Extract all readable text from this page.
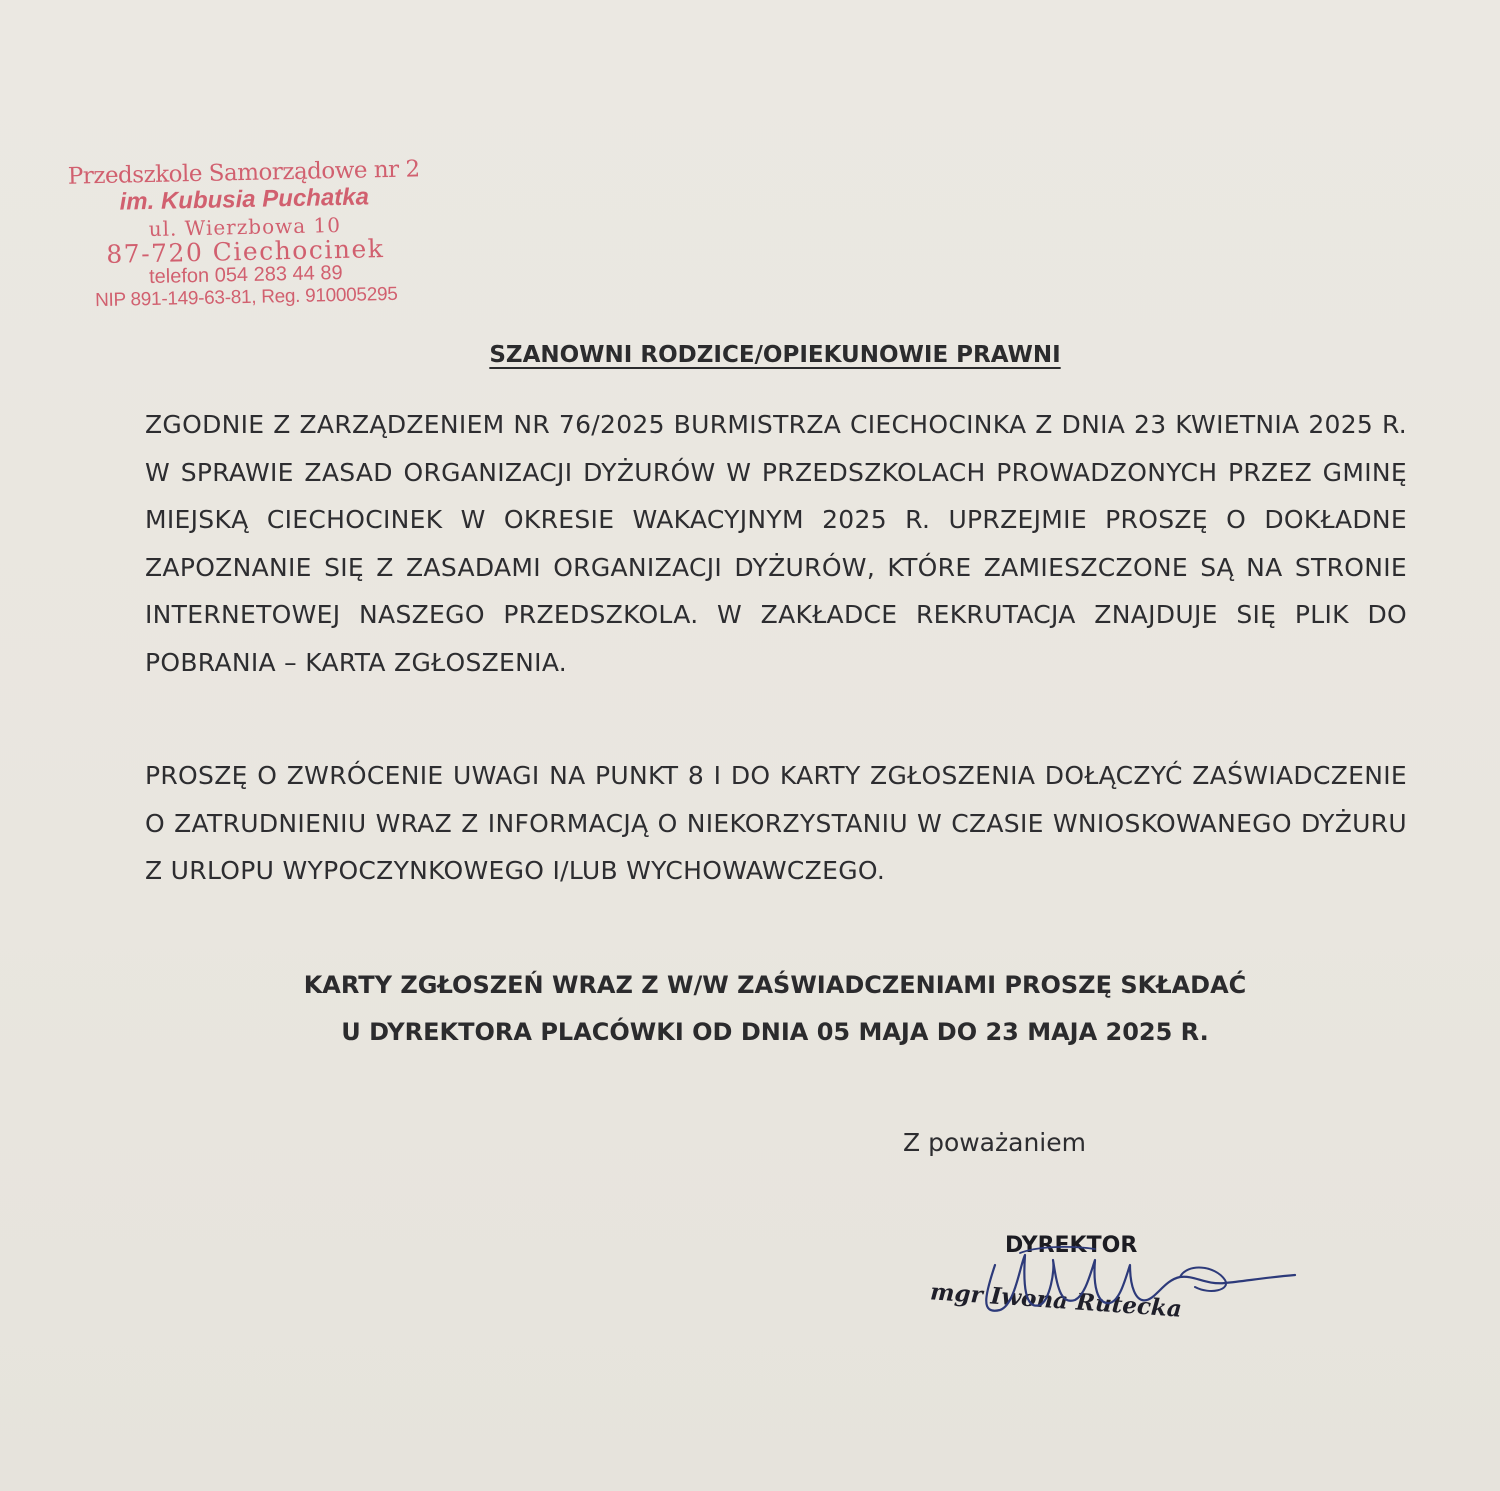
Przedszkole Samorządowe nr 2
im. Kubusia Puchatka
ul. Wierzbowa 10
87-720 Ciechocinek
telefon 054 283 44 89
NIP 891-149-63-81, Reg. 910005295
SZANOWNI RODZICE/OPIEKUNOWIE PRAWNI
ZGODNIE Z ZARZĄDZENIEM NR 76/2025 BURMISTRZA CIECHOCINKA Z DNIA 23 KWIETNIA 2025 R. W SPRAWIE ZASAD ORGANIZACJI DYŻURÓW W PRZEDSZKOLACH PROWADZONYCH PRZEZ GMINĘ MIEJSKĄ CIECHOCINEK W OKRESIE WAKACYJNYM 2025 R. UPRZEJMIE PROSZĘ O DOKŁADNE ZAPOZNANIE SIĘ Z ZASADAMI ORGANIZACJI DYŻURÓW, KTÓRE ZAMIESZCZONE SĄ NA STRONIE INTERNETOWEJ NASZEGO PRZEDSZKOLA. W ZAKŁADCE REKRUTACJA ZNAJDUJE SIĘ PLIK DO POBRANIA – KARTA ZGŁOSZENIA.
PROSZĘ O ZWRÓCENIE UWAGI NA PUNKT 8 I DO KARTY ZGŁOSZENIA DOŁĄCZYĆ ZAŚWIADCZENIE O ZATRUDNIENIU WRAZ Z INFORMACJĄ O NIEKORZYSTANIU W CZASIE WNIOSKOWANEGO DYŻURU Z URLOPU WYPOCZYNKOWEGO I/LUB WYCHOWAWCZEGO.
KARTY ZGŁOSZEŃ WRAZ Z W/W ZAŚWIADCZENIAMI PROSZĘ SKŁADAĆ
U DYREKTORA PLACÓWKI OD DNIA 05 MAJA DO 23 MAJA 2025 R.
Z poważaniem
DYREKTOR
mgr Iwona Rutecka
